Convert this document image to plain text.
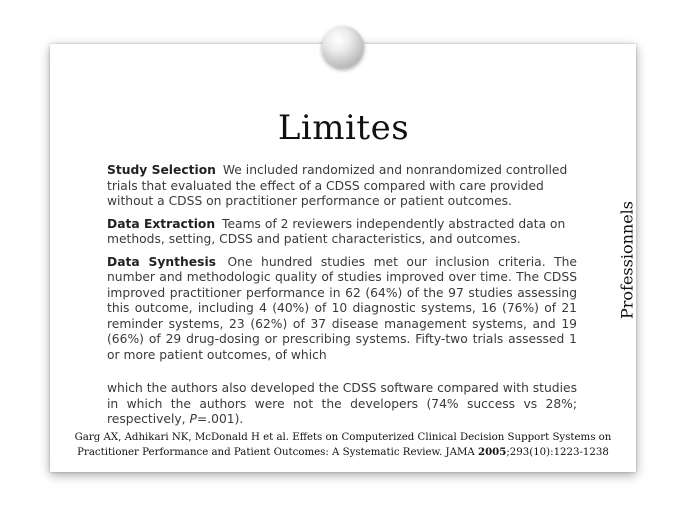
Limites
Professionnels

Study Selection We included randomized and nonrandomized controlled trials that evaluated the effect of a CDSS compared with care provided without a CDSS on practitioner performance or patient outcomes.

Data Extraction Teams of 2 reviewers independently abstracted data on methods, setting, CDSS and patient characteristics, and outcomes.

Data Synthesis One hundred studies met our inclusion criteria. The number and methodologic quality of studies improved over time. The CDSS improved practitioner performance in 62 (64%) of the 97 studies assessing this outcome, including 4 (40%) of 10 diagnostic systems, 16 (76%) of 21 reminder systems, 23 (62%) of 37 disease management systems, and 19 (66%) of 29 drug-dosing or prescribing systems. Fifty-two trials assessed 1 or more patient outcomes, of which

which the authors also developed the CDSS software compared with studies in which the authors were not the developers (74% success vs 28%; respectively, P=.001).
Garg AX, Adhikari NK, McDonald H et al. Effets on Computerized Clinical Decision Support Systems on Practitioner Performance and Patient Outcomes: A Systematic Review. JAMA 2005;293(10):1223-1238
